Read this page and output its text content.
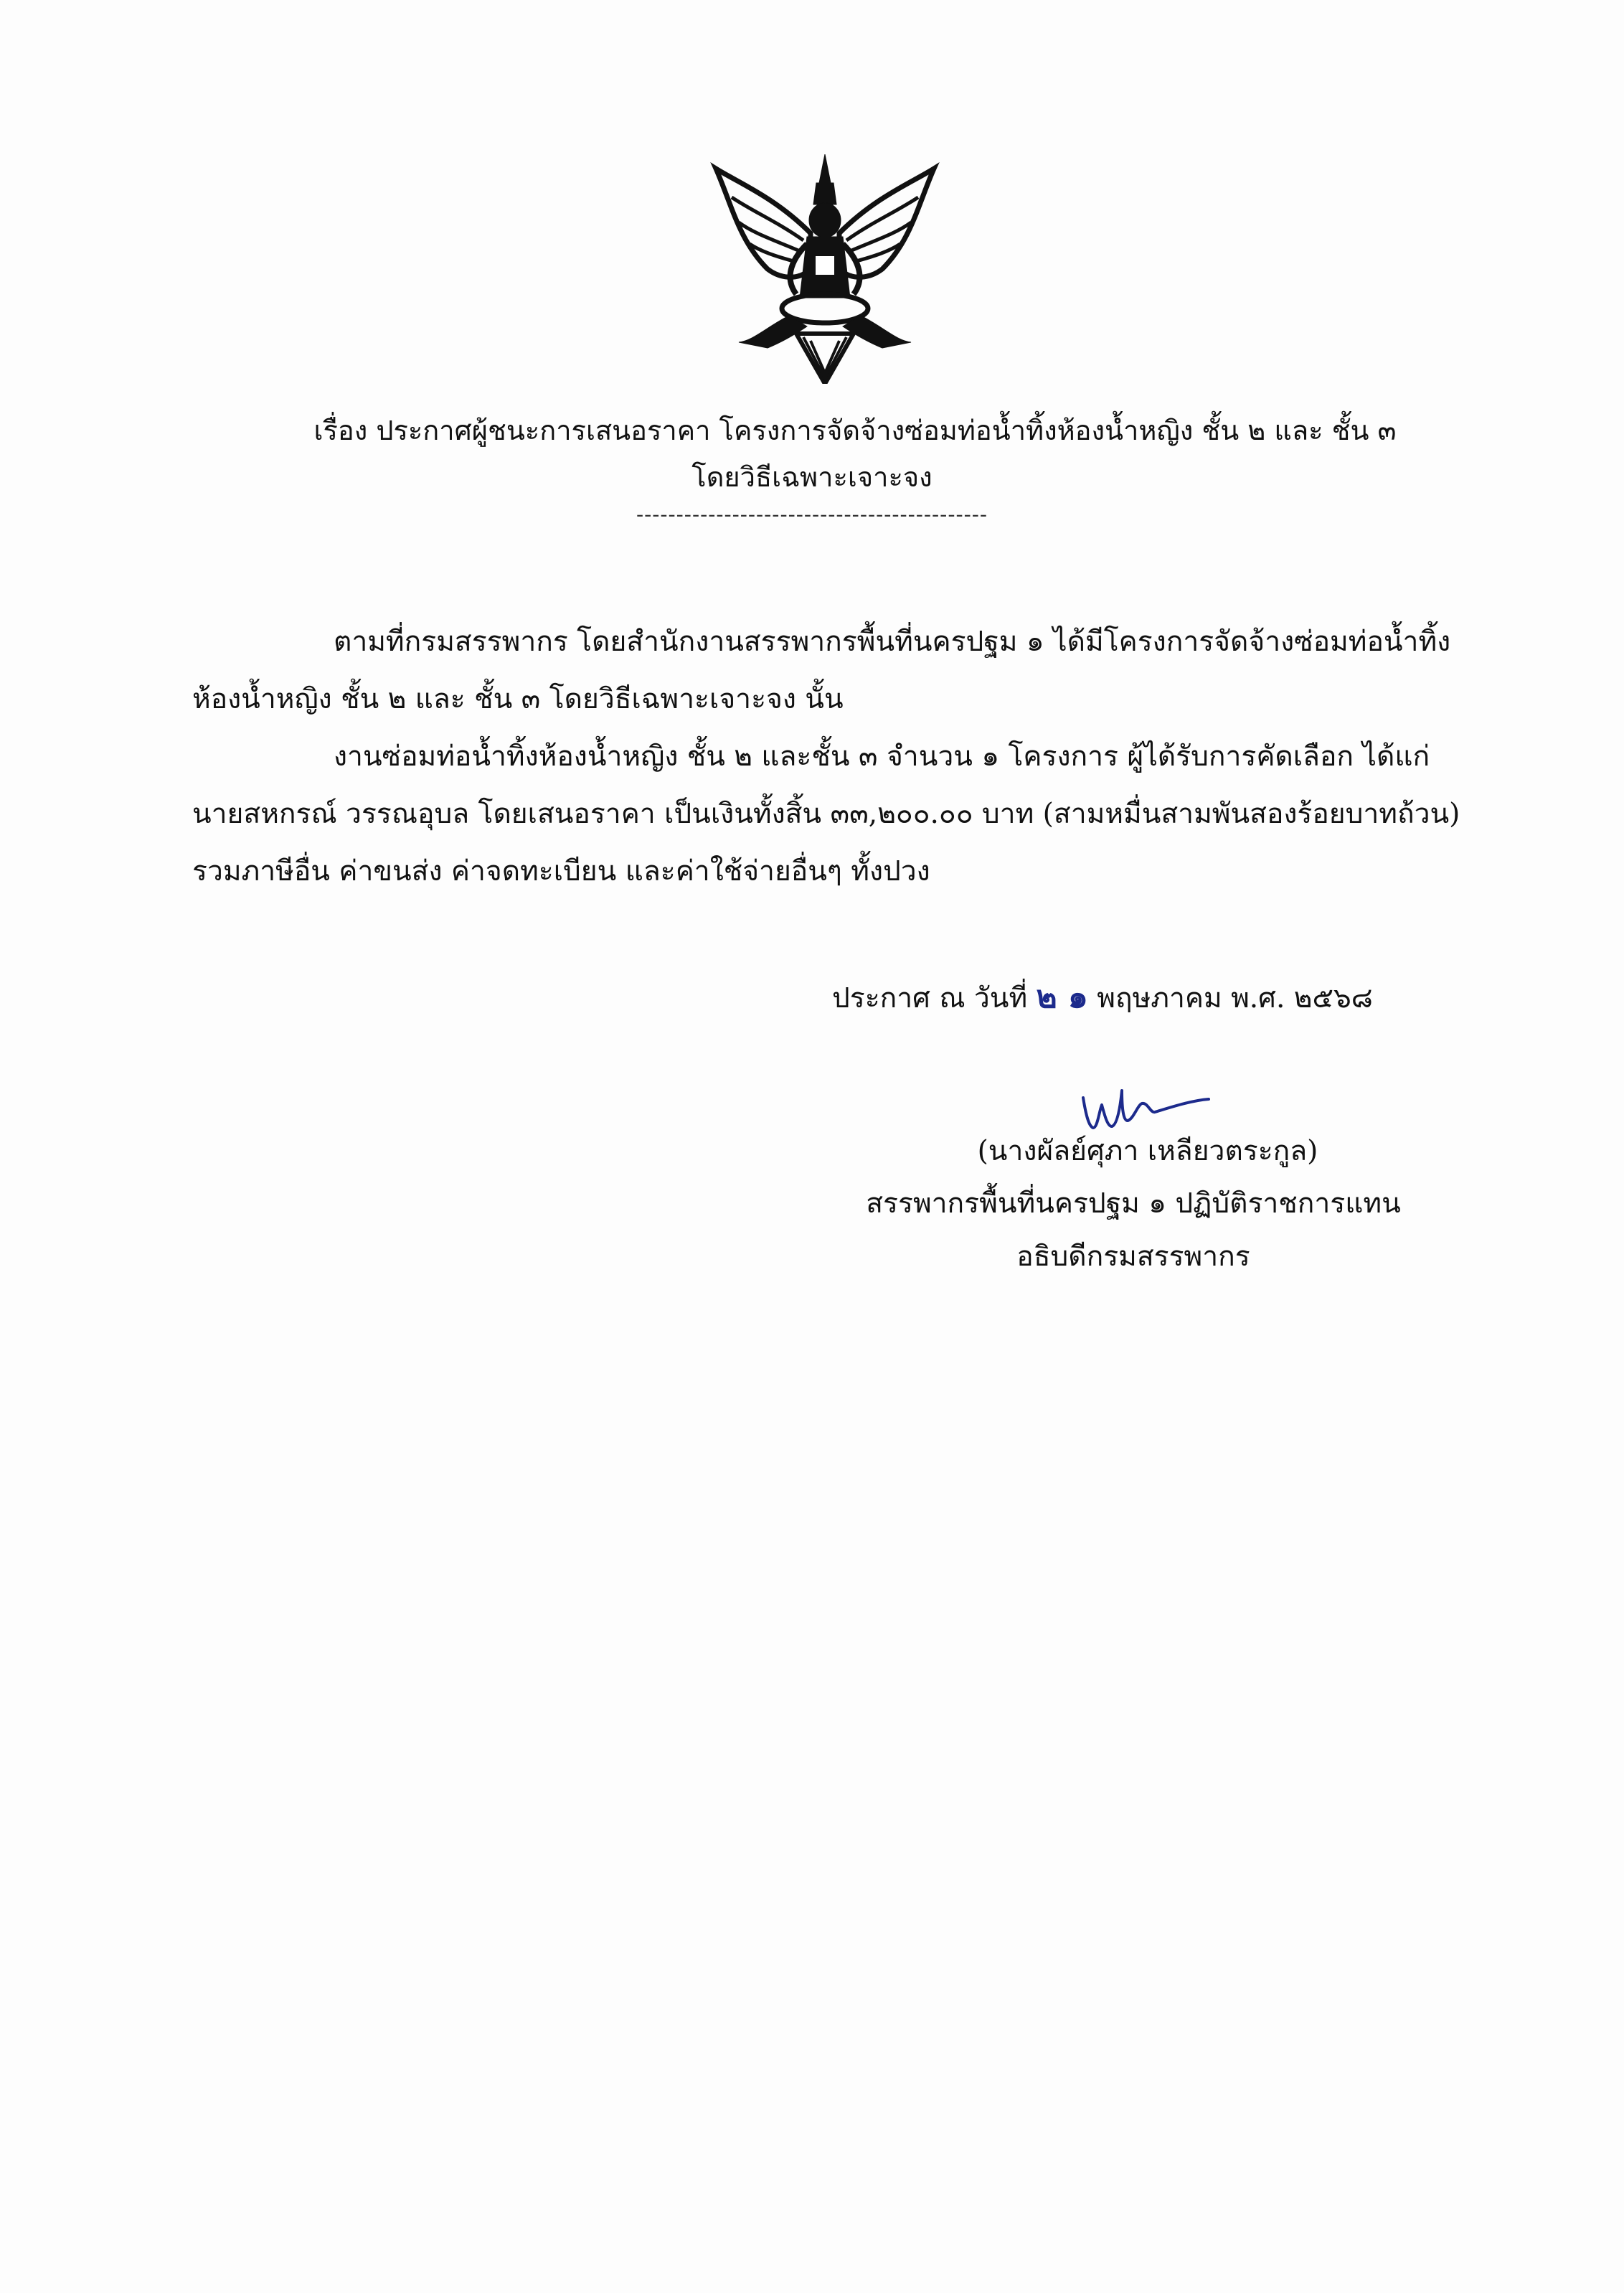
เรื่อง ประกาศผู้ชนะการเสนอราคา โครงการจัดจ้างซ่อมท่อน้ำทิ้งห้องน้ำหญิง ชั้น ๒ และ ชั้น ๓
โดยวิธีเฉพาะเจาะจง
--------------------------------------------
ตามที่กรมสรรพากร โดยสำนักงานสรรพากรพื้นที่นครปฐม ๑ ได้มีโครงการจัดจ้างซ่อมท่อน้ำทิ้ง
ห้องน้ำหญิง ชั้น ๒ และ ชั้น ๓ โดยวิธีเฉพาะเจาะจง นั้น
งานซ่อมท่อน้ำทิ้งห้องน้ำหญิง ชั้น ๒ และชั้น ๓ จำนวน ๑ โครงการ ผู้ได้รับการคัดเลือก ได้แก่
นายสหกรณ์ วรรณอุบล โดยเสนอราคา เป็นเงินทั้งสิ้น ๓๓,๒๐๐.๐๐ บาท (สามหมื่นสามพันสองร้อยบาทถ้วน)
รวมภาษีอื่น ค่าขนส่ง ค่าจดทะเบียน และค่าใช้จ่ายอื่นๆ ทั้งปวง
ประกาศ ณ วันที่ ๒ ๑ พฤษภาคม พ.ศ. ๒๕๖๘
(นางผัลย์ศุภา เหลียวตระกูล)
สรรพากรพื้นที่นครปฐม ๑ ปฏิบัติราชการแทน
อธิบดีกรมสรรพากร
